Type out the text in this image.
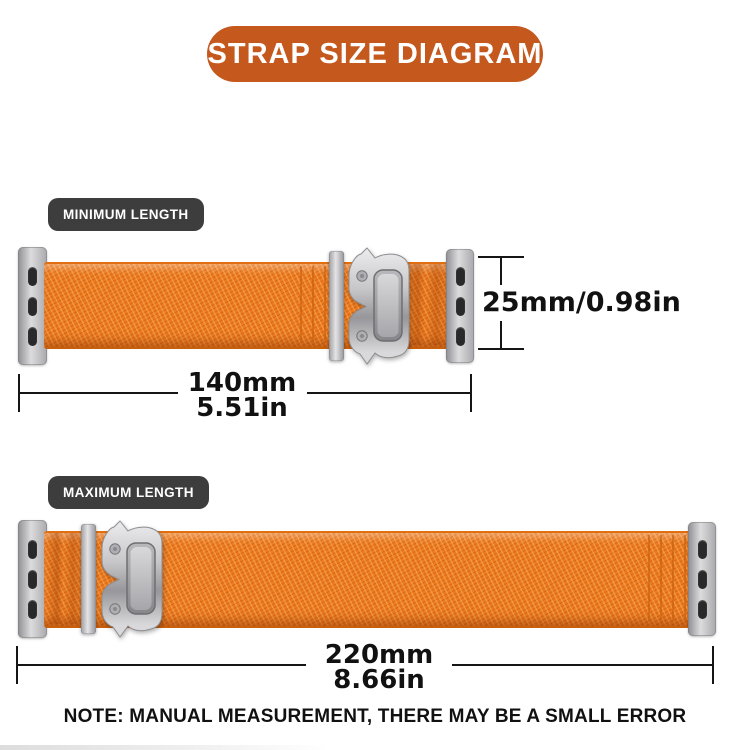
STRAP SIZE DIAGRAM
MINIMUM LENGTH
25mm/0.98in
140mm
5.51in
MAXIMUM LENGTH
220mm
8.66in
NOTE: MANUAL MEASUREMENT, THERE MAY BE A SMALL ERROR
